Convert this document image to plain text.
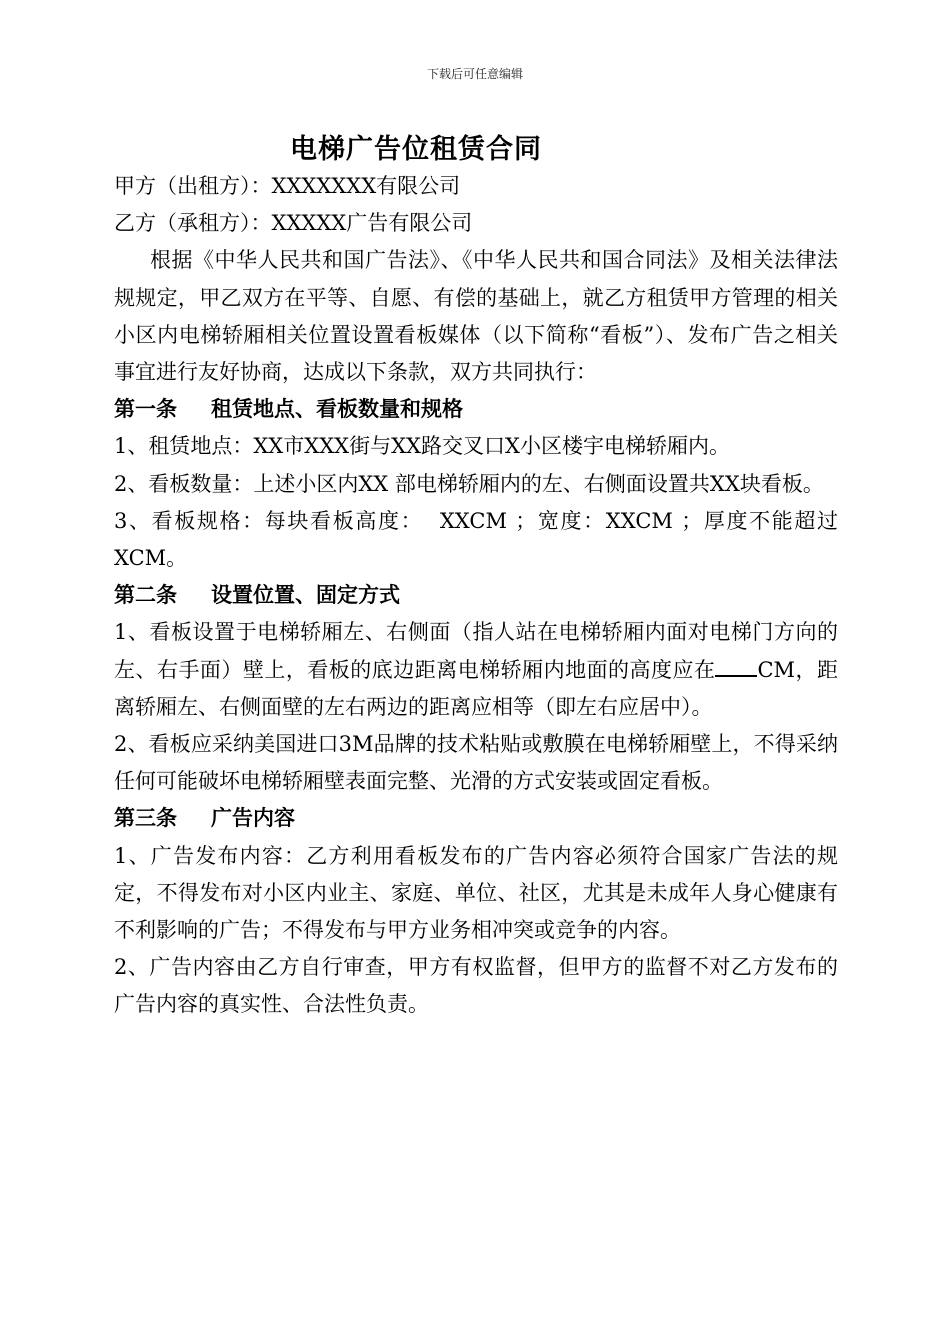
下载后可任意编辑
电梯广告位租赁合同

甲方（出租方）：XXXXXXX有限公司

乙方（承租方）：XXXXX广告有限公司

根据《中华人民共和国广告法》、《中华人民共和国合同法》及相关法律法规规定，甲乙双方在平等、自愿、有偿的基础上，就乙方租赁甲方管理的相关小区内电梯轿厢相关位置设置看板媒体（以下简称“看板”）、发布广告之相关事宜进行友好协商，达成以下条款，双方共同执行：

第一条 租赁地点、看板数量和规格

1、租赁地点：XX市XXX街与XX路交叉口X小区楼宇电梯轿厢内。

2、看板数量：上述小区内XX 部电梯轿厢内的左、右侧面设置共XX块看板。

3、看板规格：每块看板高度：  XXCM ；宽度：XXCM ；厚度不能超过XCM。

第二条 设置位置、固定方式

1、看板设置于电梯轿厢左、右侧面（指人站在电梯轿厢内面对电梯门方向的左、右手面）壁上，看板的底边距离电梯轿厢内地面的高度应在 CM，距离轿厢左、右侧面壁的左右两边的距离应相等（即左右应居中）。

2、看板应采纳美国进口3M品牌的技术粘贴或敷膜在电梯轿厢壁上，不得采纳任何可能破坏电梯轿厢壁表面完整、光滑的方式安装或固定看板。

第三条 广告内容

1、广告发布内容：乙方利用看板发布的广告内容必须符合国家广告法的规定，不得发布对小区内业主、家庭、单位、社区，尤其是未成年人身心健康有不利影响的广告；不得发布与甲方业务相冲突或竞争的内容。

2、广告内容由乙方自行审查，甲方有权监督，但甲方的监督不对乙方发布的广告内容的真实性、合法性负责。
